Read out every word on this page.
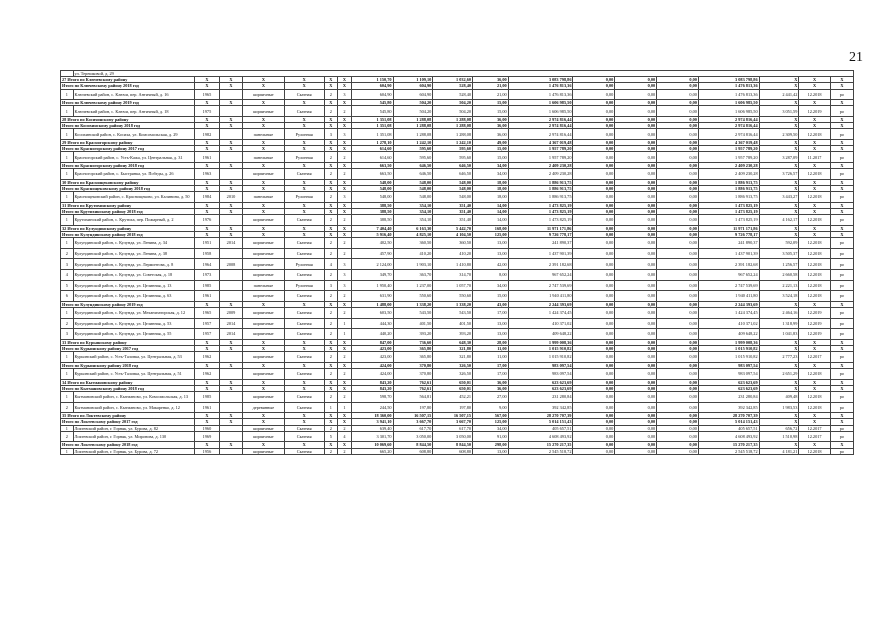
21
	ул. Терешковой, д. 29																		
27 Итого по Ключевскому району		X	X	X	X	X	X	1 150,70	1 109,10	1 032,60	36,00	3 083 798,86	0,00	0,00	0,00	3 083 798,86	X	X	X
Итого по Ключевскому району 2018 год		X	X	X	X	X	X	604,90	604,90	528,40	21,00	1 476 813,36	0,00	0,00	0,00	1 476 813,36	X	X	X
1	Ключевский район, с. Ключи, пер. Античный, д. 16	1965		кирпичные	Скатная	2	3	604,90	604,90	528,40	21,00	1 476 813,36	0,00	0,00	0,00	1 476 813,36	2 441,42	12.2018	ро
Итого по Ключевскому району 2019 год		X	X	X	X	X	X	545,80	504,20	504,20	15,00	1 606 985,50	0,00	0,00	0,00	1 606 985,50	X	X	X
1	Ключевский район, с. Ключи, пер. Античный, д. 18	1975		кирпичные	Скатная	2	2	545,80	504,20	504,20	15,00	1 606 985,50	0,00	0,00	0,00	1 606 985,50	3 051,59	12.2019	ро
28 Итого по Косихинскому району		X	X	X	X	X	X	1 351,08	1 288,08	1 288,08	36,00	2 974 816,44	0,00	0,00	0,00	2 974 816,44	X	X	X
Итого по Косихинскому району 2018 год		X	X	X	X	X	X	1 351,08	1 288,08	1 288,08	36,00	2 974 816,44	0,00	0,00	0,00	2 974 816,44	X	X	X
1	Косихинский район, с. Косиха, ул. Комсомольская, д. 29	1982		панельные	Рулонная	3	3	1 351,08	1 288,08	1 288,08	36,00	2 974 816,44	0,00	0,00	0,00	2 974 816,44	2 309,50	12.2018	ро
29 Итого по Красногорскому району		X	X	X	X	X	X	1 278,10	1 242,10	1 242,10	49,00	4 367 019,48	0,00	0,00	0,00	4 367 019,48	X	X	X
Итого по Красногорскому району 2017 год		X	X	X	X	X	X	614,60	595,60	595,60	15,00	1 957 789,20	0,00	0,00	0,00	1 957 789,20	X	X	X
1	Красногорский район, с. Усть-Кажа, ул. Центральная, д. 31	1961		панельные	Рулонная	2	2	614,60	595,60	595,60	15,00	1 957 789,20	0,00	0,00	0,00	1 957 789,20	3 287,09	11.2017	ро
Итого по Красногорскому району 2018 год		X	X	X	X	X	X	663,50	646,50	646,50	34,00	2 409 230,28	0,00	0,00	0,00	2 409 230,28	X	X	X
1	Красногорский район, с. Быстрянка, ул. Победы, д. 26	1963		кирпичные	Скатная	2	2	663,50	646,50	646,50	34,00	2 409 230,28	0,00	0,00	0,00	2 409 230,28	3 726,57	12.2018	ро
30 Итого по Краснощековскому району		X	X	X	X	X	X	548,00	548,00	548,00	18,00	1 886 913,75	0,00	0,00	0,00	1 886 913,75	X	X	X
Итого по Краснощековскому району 2018 год		X	X	X	X	X	X	548,00	548,00	548,00	18,00	1 886 913,75	0,00	0,00	0,00	1 886 913,75	X	X	X
1	Краснощековский район, с. Краснощеково, ул. Калинина, д. 50	1984	2010	панельные	Рулонная	2	3	548,00	548,00	548,00	18,00	1 886 913,75	0,00	0,00	0,00	1 886 913,75	3 443,27	12.2018	ро
31 Итого по Крутихинскому району		X	X	X	X	X	X	388,50	354,10	351,40	14,00	1 473 825,19	0,00	0,00	0,00	1 473 825,19	X	X	X
Итого по Крутихинскому району 2018 год		X	X	X	X	X	X	388,50	354,10	351,40	14,00	1 473 825,19	0,00	0,00	0,00	1 473 825,19	X	X	X
1	Крутихинский район, с. Крутиха, пер. Пожарный, д. 2	1976		кирпичные	Скатная	2	2	388,50	354,10	351,40	14,00	1 473 825,19	0,00	0,00	0,00	1 473 825,19	4 162,17	12.2018	ро
32 Итого по Кулундинскому району		X	X	X	X	X	X	7 404,40	6 163,30	5 442,70	168,00	11 971 171,86	0,00	0,00	0,00	11 971 171,86	X	X	X
Итого по Кулундинскому району 2018 год		X	X	X	X	X	X	5 916,40	4 825,10	4 104,50	125,00	9 726 778,17	0,00	0,00	0,00	9 726 778,17	X	X	X
1	Кулундинский район, с. Кулунда, ул. Ленина, д. 34	1951	2014	кирпичные	Скатная	2	2	402,50	360,50	360,50	13,00	241 890,37	0,00	0,00	0,00	241 890,37	592,09	12.2018	ро
2	Кулундинский район, с. Кулунда, ул. Ленина, д. 38	1958		кирпичные	Скатная	2	2	457,90	410,20	410,20	13,00	1 437 901,39	0,00	0,00	0,00	1 437 901,39	3 505,37	12.2018	ро
3	Кулундинский район, с. Кулунда, ул. Лермонтова, д. 8	1964	2008	кирпичные	Рулонная	4	3	2 124,00	1 903,10	1 410,80	42,00	2 391 182,68	0,00	0,00	0,00	2 391 182,68	1 256,57	12.2018	ро
4	Кулундинский район, с. Кулунда, ул. Советская, д. 18	1973		кирпичные	Скатная	2	3	349,70	363,70	314,70	8,00	967 652,24	0,00	0,00	0,00	967 652,24	2 660,58	12.2018	ро
5	Кулундинский район, с. Кулунда, ул. Целинная, д. 13	1985		панельные	Рулонная	3	3	1 950,40	1 237,00	1 057,70	34,00	2 747 539,69	0,00	0,00	0,00	2 747 539,69	2 221,13	12.2018	ро
6	Кулундинский район, с. Кулунда, ул. Целинная, д. 63	1961		кирпичные	Скатная	2	2	631,90	550,60	550,60	15,00	1 940 411,80	0,00	0,00	0,00	1 940 411,80	3 524,18	12.2018	ро
Итого по Кулундинскому району 2019 год		X	X	X	X	X	X	1 488,00	1 338,20	1 338,20	43,00	2 244 393,69	0,00	0,00	0,00	2 244 393,69	X	X	X
1	Кулундинский район, с. Кулунда, ул. Механизаторская, д. 12	1965	2009	кирпичные	Скатная	2	2	603,50	543,50	543,50	17,00	1 424 374,45	0,00	0,00	0,00	1 424 374,45	2 464,16	12.2019	ро
2	Кулундинский район, с. Кулунда, ул. Целинная, д. 53	1957	2014	кирпичные	Скатная	2	1	444,30	401,50	401,50	13,00	410 371,02	0,00	0,00	0,00	410 371,02	1 318,99	12.2019	ро
3	Кулундинский район, с. Кулунда, ул. Целинная, д. 55	1957	2014	кирпичные	Скатная	2	1	440,20	393,20	393,20	13,00	409 648,22	0,00	0,00	0,00	409 648,22	1 041,83	12.2019	ро
33 Итого по Курьинскому району		X	X	X	X	X	X	847,00	736,60	648,30	28,00	1 999 008,36	0,00	0,00	0,00	1 999 008,36	X	X	X
Итого по Курьинскому району 2017 год		X	X	X	X	X	X	423,00	365,80	321,80	11,00	1 015 910,82	0,00	0,00	0,00	1 015 910,82	X	X	X
1	Курьинский район, с. Усть-Таловка, ул. Центральная, д. 53	1962		кирпичные	Скатная	2	2	423,00	365,80	321,80	11,00	1 015 910,82	0,00	0,00	0,00	1 015 910,82	2 777,23	12.2017	ро
Итого по Курьинскому району 2018 год		X	X	X	X	X	X	424,00	370,80	326,50	17,00	983 097,54	0,00	0,00	0,00	983 097,54	X	X	X
1	Курьинский район, с. Усть-Таловка, ул. Центральная, д. 51	1962		кирпичные	Скатная	2	2	424,00	370,80	326,50	17,00	983 097,54	0,00	0,00	0,00	983 097,54	2 651,29	12.2018	ро
34 Итого по Кытмановскому району		X	X	X	X	X	X	843,20	762,61	650,01	36,00	623 623,69	0,00	0,00	0,00	623 623,69	X	X	X
Итого по Кытмановскому району 2018 год		X	X	X	X	X	X	843,20	762,61	650,01	36,00	623 623,69	0,00	0,00	0,00	623 623,69	X	X	X
1	Кытмановский район, с. Кытманово, ул. Комсомольская, д. 13	1985		кирпичные	Скатная	2	2	598,70	564,81	452,21	27,00	231 280,84	0,00	0,00	0,00	231 280,84	409,48	12.2018	ро
2	Кытмановский район, с. Кытманово, ул. Макаренко, д. 12	1961		деревянные	Скатная	1	1	244,50	197,80	197,80	9,00	392 342,85	0,00	0,00	0,00	392 342,85	1 983,53	12.2018	ро
35 Итого по Локтевскому району		X	X	X	X	X	X	18 360,00	16 507,15	16 507,15	567,00	28 270 707,39	0,00	0,00	0,00	28 270 707,39	X	X	X
Итого по Локтевскому району 2017 год		X	X	X	X	X	X	3 941,10	3 667,70	3 667,70	125,00	5 014 151,43	0,00	0,00	0,00	5 014 151,43	X	X	X
1	Локтевский район, г. Горняк, ул. Бурова, д. 82	1960		кирпичные	Скатная	2	2	639,40	617,70	617,70	34,00	405 657,51	0,00	0,00	0,00	405 657,51	656,72	12.2017	ро
2	Локтевский район, г. Горняк, ул. Миронова, д. 130	1969		кирпичные	Скатная	5	4	3 301,70	3 050,00	3 050,00	91,00	4 608 493,92	0,00	0,00	0,00	4 608 493,92	1 510,98	12.2017	ро
Итого по Локтевскому району 2018 год		X	X	X	X	X	X	10 069,60	8 844,50	8 844,50	298,00	15 270 217,35	0,00	0,00	0,00	15 270 217,35	X	X	X
1	Локтевский район, г. Горняк, ул. Бурова, д. 72	1956		кирпичные	Скатная	2	2	665,20	608,80	608,80	13,00	2 545 518,72	0,00	0,00	0,00	2 545 518,72	4 181,21	12.2018	ро
